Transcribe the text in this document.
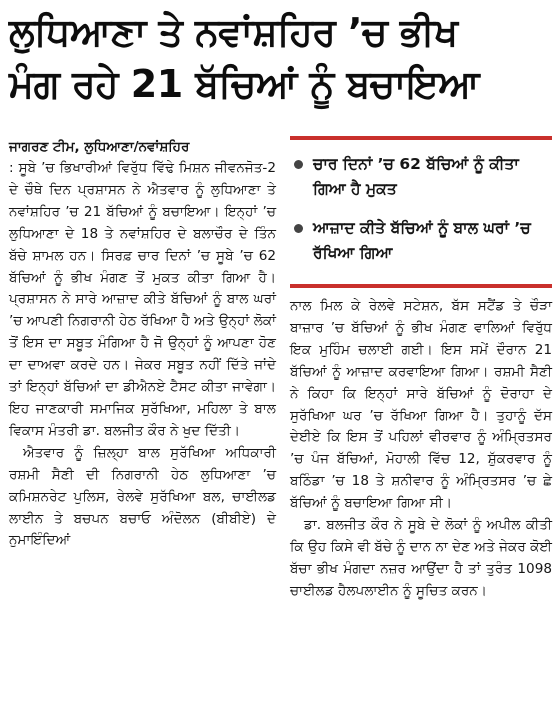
ਲੁਧਿਆਣਾ ਤੇ ਨਵਾਂਸ਼ਹਿਰ ’ਚ ਭੀਖ
ਮੰਗ ਰਹੇ 21 ਬੱਚਿਆਂ ਨੂੰ ਬਚਾਇਆ

ਜਾਗਰਣ ਟੀਮ, ਲੁਧਿਆਣਾ/ਨਵਾਂਸ਼ਹਿਰ

: ਸੂਬੇ ’ਚ ਭਿਖਾਰੀਆਂ ਵਿਰੁੱਧ ਵਿੱਢੇ ਮਿਸ਼ਨ ਜੀਵਨਜੋਤ-2 ਦੇ ਚੌਥੇ ਦਿਨ ਪ੍ਰਸ਼ਾਸਨ ਨੇ ਐਤਵਾਰ ਨੂੰ ਲੁਧਿਆਣਾ ਤੇ ਨਵਾਂਸ਼ਹਿਰ ’ਚ 21 ਬੱਚਿਆਂ ਨੂੰ ਬਚਾਇਆ। ਇਨ੍ਹਾਂ ’ਚ ਲੁਧਿਆਣਾ ਦੇ 18 ਤੇ ਨਵਾਂਸ਼ਹਿਰ ਦੇ ਬਲਾਚੌਰ ਦੇ ਤਿੰਨ ਬੱਚੇ ਸ਼ਾਮਲ ਹਨ। ਸਿਰਫ਼ ਚਾਰ ਦਿਨਾਂ ’ਚ ਸੂਬੇ ’ਚ 62 ਬੱਚਿਆਂ ਨੂੰ ਭੀਖ ਮੰਗਣ ਤੋਂ ਮੁਕਤ ਕੀਤਾ ਗਿਆ ਹੈ। ਪ੍ਰਸ਼ਾਸਨ ਨੇ ਸਾਰੇ ਆਜ਼ਾਦ ਕੀਤੇ ਬੱਚਿਆਂ ਨੂੰ ਬਾਲ ਘਰਾਂ ’ਚ ਆਪਣੀ ਨਿਗਰਾਨੀ ਹੇਠ ਰੱਖਿਆ ਹੈ ਅਤੇ ਉਨ੍ਹਾਂ ਲੋਕਾਂ ਤੋਂ ਇਸ ਦਾ ਸਬੂਤ ਮੰਗਿਆ ਹੈ ਜੋ ਉਨ੍ਹਾਂ ਨੂੰ ਆਪਣਾ ਹੋਣ ਦਾ ਦਾਅਵਾ ਕਰਦੇ ਹਨ। ਜੇਕਰ ਸਬੂਤ ਨਹੀਂ ਦਿੱਤੇ ਜਾਂਦੇ ਤਾਂ ਇਨ੍ਹਾਂ ਬੱਚਿਆਂ ਦਾ ਡੀਐਨਏ ਟੈਸਟ ਕੀਤਾ ਜਾਵੇਗਾ। ਇਹ ਜਾਣਕਾਰੀ ਸਮਾਜਿਕ ਸੁਰੱਖਿਆ, ਮਹਿਲਾ ਤੇ ਬਾਲ ਵਿਕਾਸ ਮੰਤਰੀ ਡਾ. ਬਲਜੀਤ ਕੌਰ ਨੇ ਖੁਦ ਦਿੱਤੀ।

ਐਤਵਾਰ ਨੂੰ ਜ਼ਿਲ੍ਹਾ ਬਾਲ ਸੁਰੱਖਿਆ ਅਧਿਕਾਰੀ ਰਸ਼ਮੀ ਸੈਣੀ ਦੀ ਨਿਗਰਾਨੀ ਹੇਠ ਲੁਧਿਆਣਾ ’ਚ ਕਮਿਸ਼ਨਰੇਟ ਪੁਲਿਸ, ਰੇਲਵੇ ਸੁਰੱਖਿਆ ਬਲ, ਚਾਈਲਡ ਲਾਈਨ ਤੇ ਬਚਪਨ ਬਚਾਓ ਅੰਦੋਲਨ (ਬੀਬੀਏ) ਦੇ ਨੁਮਾਇੰਦਿਆਂ

ਚਾਰ ਦਿਨਾਂ ’ਚ 62 ਬੱਚਿਆਂ ਨੂੰ ਕੀਤਾ ਗਿਆ ਹੈ ਮੁਕਤ
ਆਜ਼ਾਦ ਕੀਤੇ ਬੱਚਿਆਂ ਨੂੰ ਬਾਲ ਘਰਾਂ ’ਚ ਰੱਖਿਆ ਗਿਆ

ਨਾਲ ਮਿਲ ਕੇ ਰੇਲਵੇ ਸਟੇਸ਼ਨ, ਬੱਸ ਸਟੈਂਡ ਤੇ ਚੌੜਾ ਬਾਜ਼ਾਰ ’ਚ ਬੱਚਿਆਂ ਨੂੰ ਭੀਖ ਮੰਗਣ ਵਾਲਿਆਂ ਵਿਰੁੱਧ ਇਕ ਮੁਹਿੰਮ ਚਲਾਈ ਗਈ। ਇਸ ਸਮੇਂ ਦੌਰਾਨ 21 ਬੱਚਿਆਂ ਨੂੰ ਆਜ਼ਾਦ ਕਰਵਾਇਆ ਗਿਆ। ਰਸ਼ਮੀ ਸੈਣੀ ਨੇ ਕਿਹਾ ਕਿ ਇਨ੍ਹਾਂ ਸਾਰੇ ਬੱਚਿਆਂ ਨੂੰ ਦੋਰਾਹਾ ਦੇ ਸੁਰੱਖਿਆ ਘਰ ’ਚ ਰੱਖਿਆ ਗਿਆ ਹੈ। ਤੁਹਾਨੂੰ ਦੱਸ ਦੇਈਏ ਕਿ ਇਸ ਤੋਂ ਪਹਿਲਾਂ ਵੀਰਵਾਰ ਨੂੰ ਅੰਮ੍ਰਿਤਸਰ ’ਚ ਪੰਜ ਬੱਚਿਆਂ, ਮੋਹਾਲੀ ਵਿੱਚ 12, ਸ਼ੁੱਕਰਵਾਰ ਨੂੰ ਬਠਿੰਡਾ ’ਚ 18 ਤੇ ਸ਼ਨੀਵਾਰ ਨੂੰ ਅੰਮ੍ਰਿਤਸਰ ’ਚ ਛੇ ਬੱਚਿਆਂ ਨੂੰ ਬਚਾਇਆ ਗਿਆ ਸੀ।

ਡਾ. ਬਲਜੀਤ ਕੌਰ ਨੇ ਸੂਬੇ ਦੇ ਲੋਕਾਂ ਨੂੰ ਅਪੀਲ ਕੀਤੀ ਕਿ ਉਹ ਕਿਸੇ ਵੀ ਬੱਚੇ ਨੂੰ ਦਾਨ ਨਾ ਦੇਣ ਅਤੇ ਜੇਕਰ ਕੋਈ ਬੱਚਾ ਭੀਖ ਮੰਗਦਾ ਨਜ਼ਰ ਆਉਂਦਾ ਹੈ ਤਾਂ ਤੁਰੰਤ 1098 ਚਾਈਲਡ ਹੈਲਪਲਾਈਨ ਨੂੰ ਸੂਚਿਤ ਕਰਨ।
